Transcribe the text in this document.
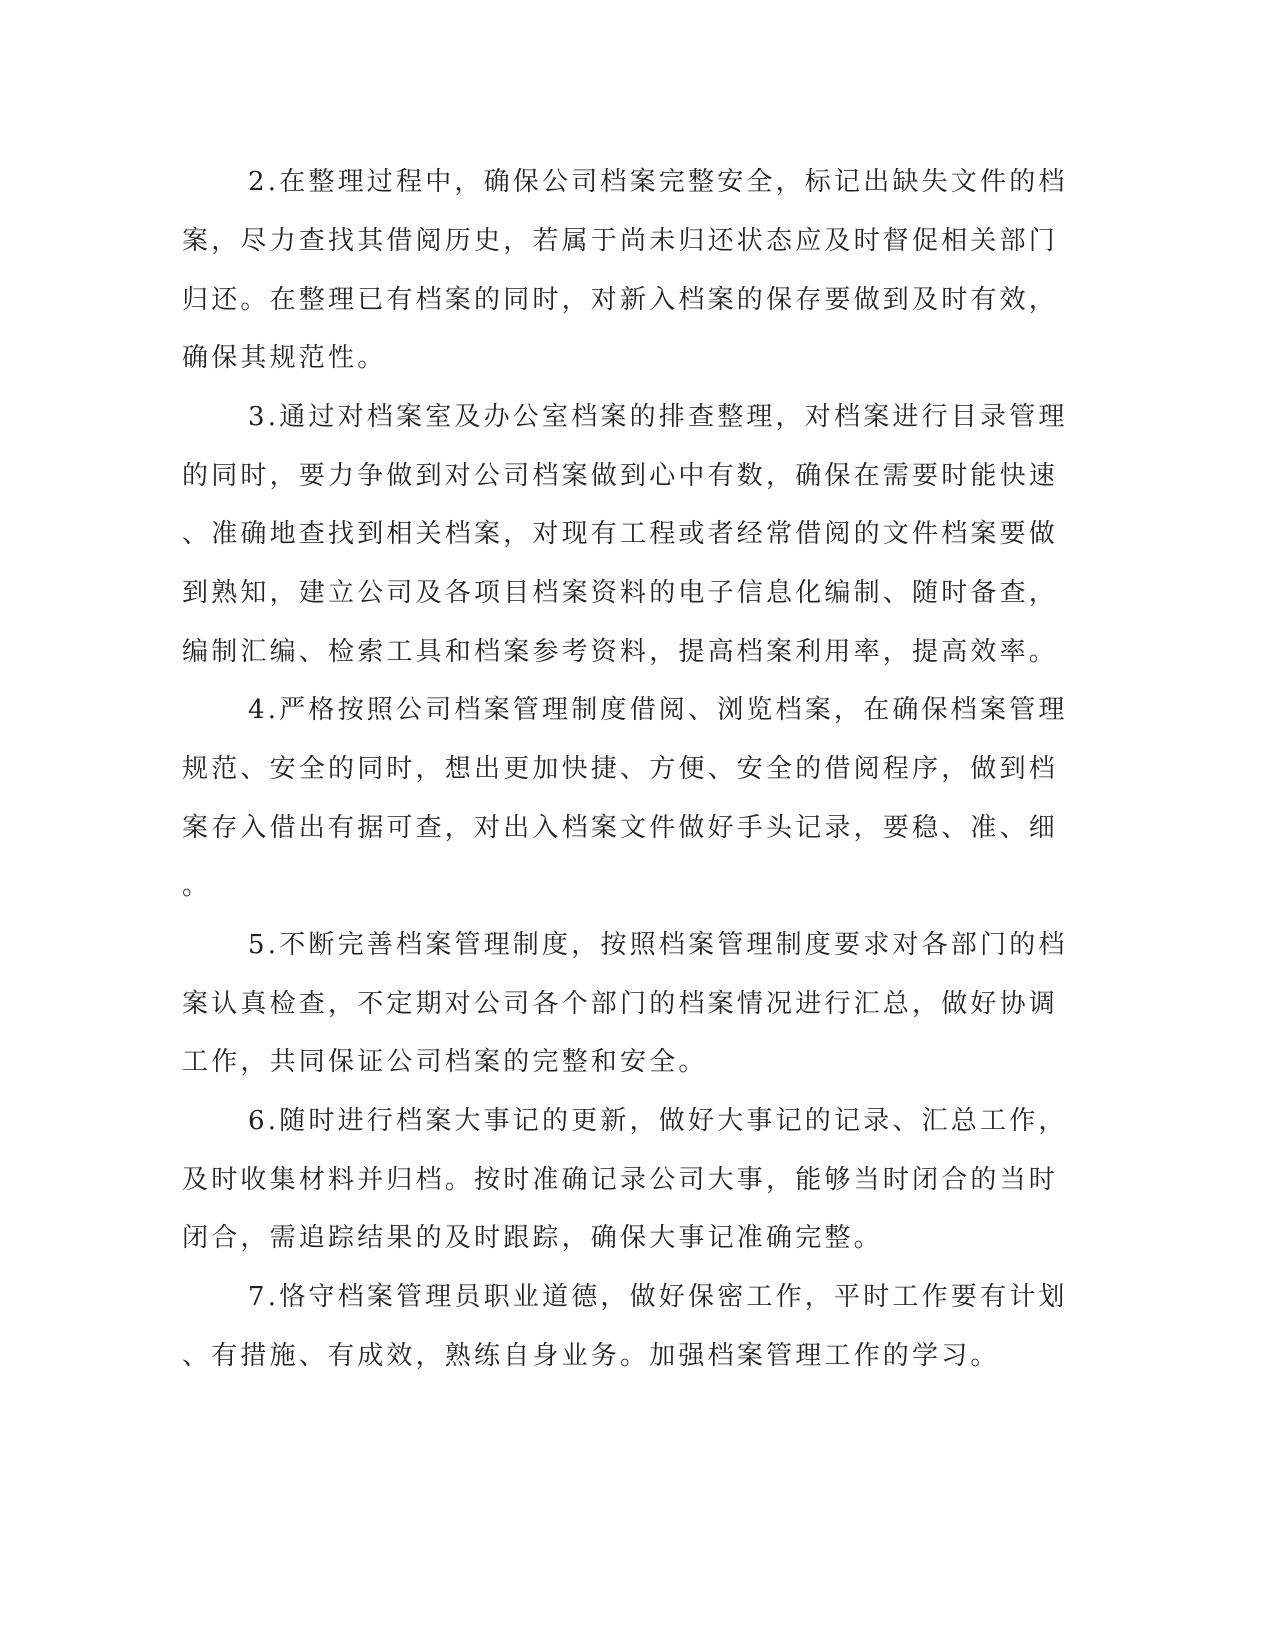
2.在整理过程中，确保公司档案完整安全，标记出缺失文件的档
案，尽力查找其借阅历史，若属于尚未归还状态应及时督促相关部门
归还。在整理已有档案的同时，对新入档案的保存要做到及时有效，
确保其规范性。
3.通过对档案室及办公室档案的排查整理，对档案进行目录管理
的同时，要力争做到对公司档案做到心中有数，确保在需要时能快速
、准确地查找到相关档案，对现有工程或者经常借阅的文件档案要做
到熟知，建立公司及各项目档案资料的电子信息化编制、随时备查，
编制汇编、检索工具和档案参考资料，提高档案利用率，提高效率。
4.严格按照公司档案管理制度借阅、浏览档案，在确保档案管理
规范、安全的同时，想出更加快捷、方便、安全的借阅程序，做到档
案存入借出有据可查，对出入档案文件做好手头记录，要稳、准、细
。
5.不断完善档案管理制度，按照档案管理制度要求对各部门的档
案认真检查，不定期对公司各个部门的档案情况进行汇总，做好协调
工作，共同保证公司档案的完整和安全。
6.随时进行档案大事记的更新，做好大事记的记录、汇总工作，
及时收集材料并归档。按时准确记录公司大事，能够当时闭合的当时
闭合，需追踪结果的及时跟踪，确保大事记准确完整。
7.恪守档案管理员职业道德，做好保密工作，平时工作要有计划
、有措施、有成效，熟练自身业务。加强档案管理工作的学习。
